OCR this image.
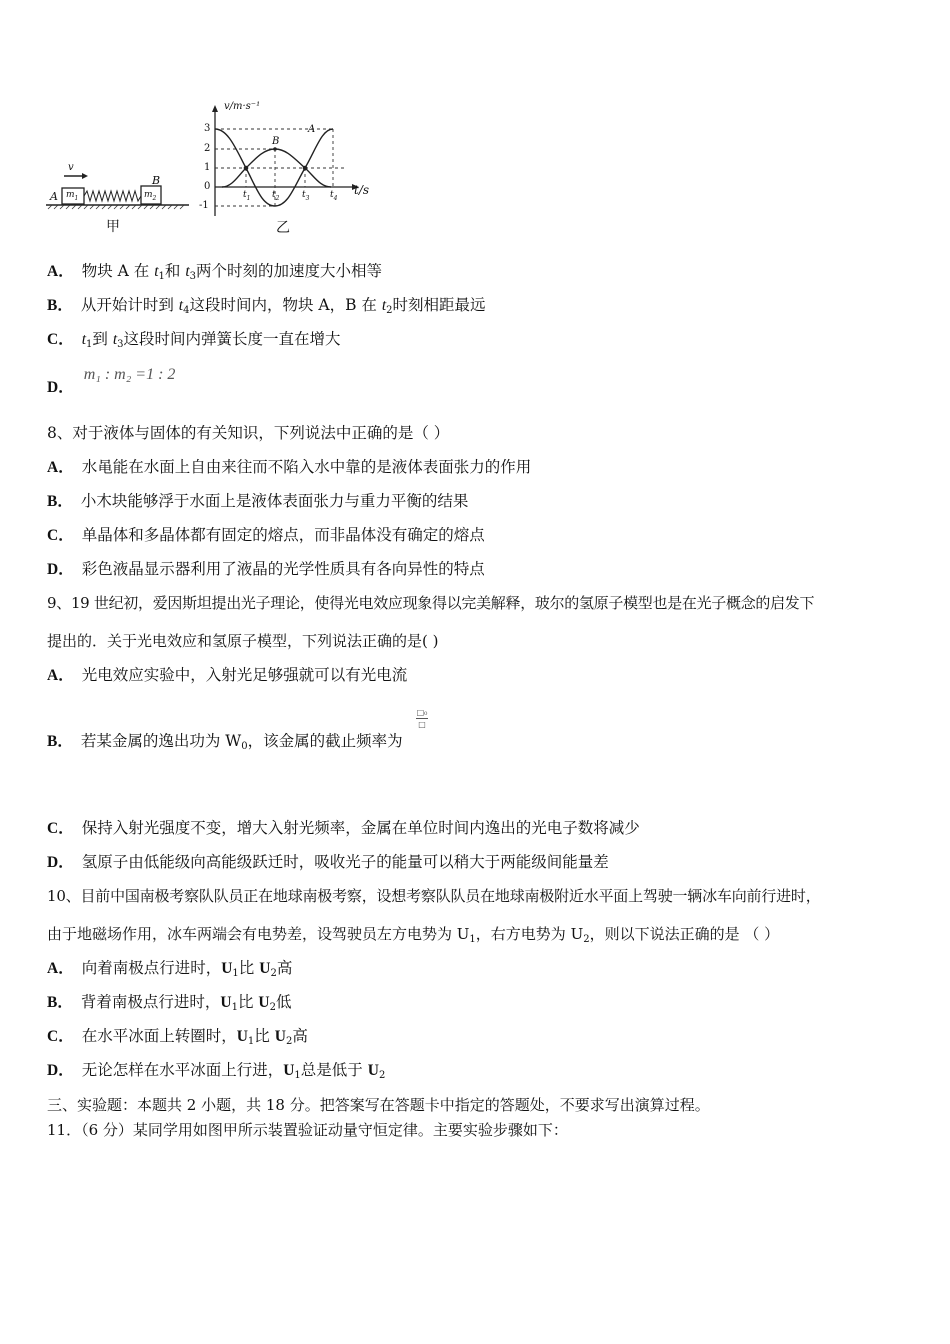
v
A $m_1$
B
$m_2$
甲
v/m·s⁻¹
3
2
1
0
-1
$t_1$ $t_2$	$t_3$ $t_4$
t/s
A
B
乙
A． 物块 A 在 $t_1$和 $t_3$两个时刻的加速度大小相等
B． 从开始计时到 $t_4$这段时间内，物块 A，B 在 $t_2$时刻相距最远
C． $t_1$到 $t_3$这段时间内弹簧长度一直在增大
D．m₁ : m₂ =1 : 2
8、对于液体与固体的有关知识，下列说法中正确的是（ ）
A． 水黾能在水面上自由来往而不陷入水中靠的是液体表面张力的作用
B． 小木块能够浮于水面上是液体表面张力与重力平衡的结果
C． 单晶体和多晶体都有固定的熔点，而非晶体没有确定的熔点
D． 彩色液晶显示器利用了液晶的光学性质具有各向异性的特点
9、19 世纪初，爱因斯坦提出光子理论，使得光电效应现象得以完美解释，玻尔的氢原子模型也是在光子概念的启发下
提出的．关于光电效应和氢原子模型，下列说法正确的是( )
A． 光电效应实验中，入射光足够强就可以有光电流
B． 若某金属的逸出功为 $W_0$，该金属的截止频率为
□₀
□
C． 保持入射光强度不变，增大入射光频率，金属在单位时间内逸出的光电子数将减少
D． 氢原子由低能级向高能级跃迁时，吸收光子的能量可以稍大于两能级间能量差
10、目前中国南极考察队队员正在地球南极考察，设想考察队队员在地球南极附近水平面上驾驶一辆冰车向前行进时，
由于地磁场作用，冰车两端会有电势差，设驾驶员左方电势为 $U_1$，右方电势为 $U_2$，则以下说法正确的是 （ ）
A． 向着南极点行进时，$U_1$比 $U_2$高
B． 背着南极点行进时，$U_1$比 $U_2$低
C． 在水平冰面上转圈时，$U_1$比 $U_2$高
D． 无论怎样在水平冰面上行进，$U_1$总是低于 $U_2$
三、实验题：本题共 2 小题，共 18 分。把答案写在答题卡中指定的答题处，不要求写出演算过程。
11．（6 分）某同学用如图甲所示装置验证动量守恒定律。主要实验步骤如下：
